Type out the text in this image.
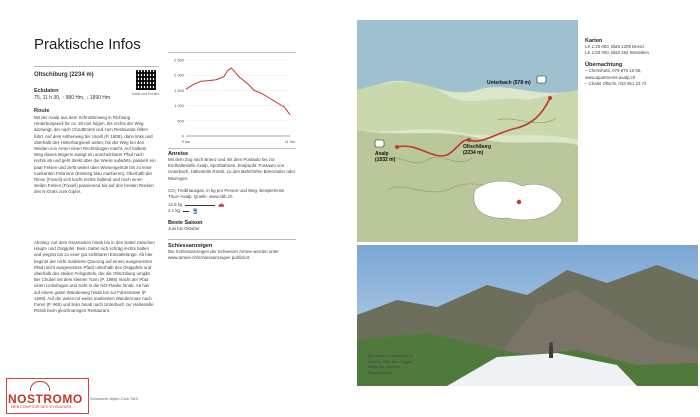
Praktische Infos
Oltschiburg (2234 m)
Karte und Routen
Eckdaten
T5, 11 h 30, ↑ 980 Hm, ↓ 1890 Hm
Route
Mit der Axalp aus dem Schnitzlenweg in Richtung Hinterburgseeli für ca. 30 min folgen, bis rechts der Weg abzweigt, der nach Chrutttmetti und zum Restaurant Hilten führt. Auf dem Höhenweg bis Unarli (P. 1805), dann links und oberhalb des Hinterburgseeli weiter, bis der Weg bei den Weiden von Arnen einen Rechtsbogen macht. Auf halbem Weg dieses Bogens zweigt ein unscheinbarer Pfad nach rechts ab und geht direkt über die Wiese aufwärts, passiert ein paar Felsen und zieht weiter über Wiesengelnde bis zu einer markanten Felsrinne (Einstieg blau markieren). Oberhalb der Rinne (Fixseil) sich leicht rechts haltend und noch einen steilen Felsen (Fixseil) passierend bis auf den breiten Rücken des N-Grats zum Gipfel.
Abstieg: Auf dem Grasrücken hinab bis in den Sattel zwischen Haupt- und Ostgipfel. Beim Sattel sich schräg rechts halten und weglos bis zu einer gut sichtbaren Einsattelunge. Ab hier beginnt der nicht markierte Querung auf einem ausgesetzten Pfad (nicht ausgesetzten Pfad) unterhalb des Ostgipfels und oberhalb des steilen Felsgürtels, der die Oltschiburg umgibt. Bei Chubel mit dem kleinen Turm (P. 1886) macht der Pfad einen Linksbogen und zieht in die NO-Flanke hinab. Ab hier auf einem guten Wanderweg hinab bis zur Fahrstrasse (P. 1509). Auf der weiss-rot weiss markierten Wanderroute nach Furen (P. 965) und links hinab nach Unterbach zur Haltestelle Rössli beim gleichnamigen Restaurant.
2 500
2 000
1 500
1 000
500
0
0 km	11 km
Anreise
Mit dem Zug nach Brienz und mit dem Postauto bis zur Endhaltestelle Axalp, Sportbahnen. Endpunkt: Postauto von Unterbach, Haltestelle Rössli, zu den Bahnhöfen Brienzwiler oder Meiringen.
CO₂ Treibhausgas, in kg pro Person und Weg. Beispielreise Thun–Axalp. Quelle: www.sbb.ch
12.8 kg	🚗
2.1 kg 🚆
Beste Saison
Juni bis Oktober
Schiessanzeigen
Die Schiessanzeigen der Schweizer Armee werden unter www.armee.ch/schiessanzeigen publiziert.
Unterbach (578 m)
Axalp
(1532 m)
Oltschiburg
(2234 m)
Karten
LK 1:25 000, Blatt 1209 Brienz
LK 1:50 000, Blatt 254 Interlaken
Übernachtung
– Chemihutti, 079 876 16 55,
www.apartments-axalp.ch
– Chalet Oltschi, 033 951 23 74
Ein letztes Schneefeld im Abstieg über den Ostgrat, längs der routierte Wanderfhrern
NOSTROMO
WEB COMPTOIR DES VOYAGEURS
Schweizer Alpen-Club SAC
